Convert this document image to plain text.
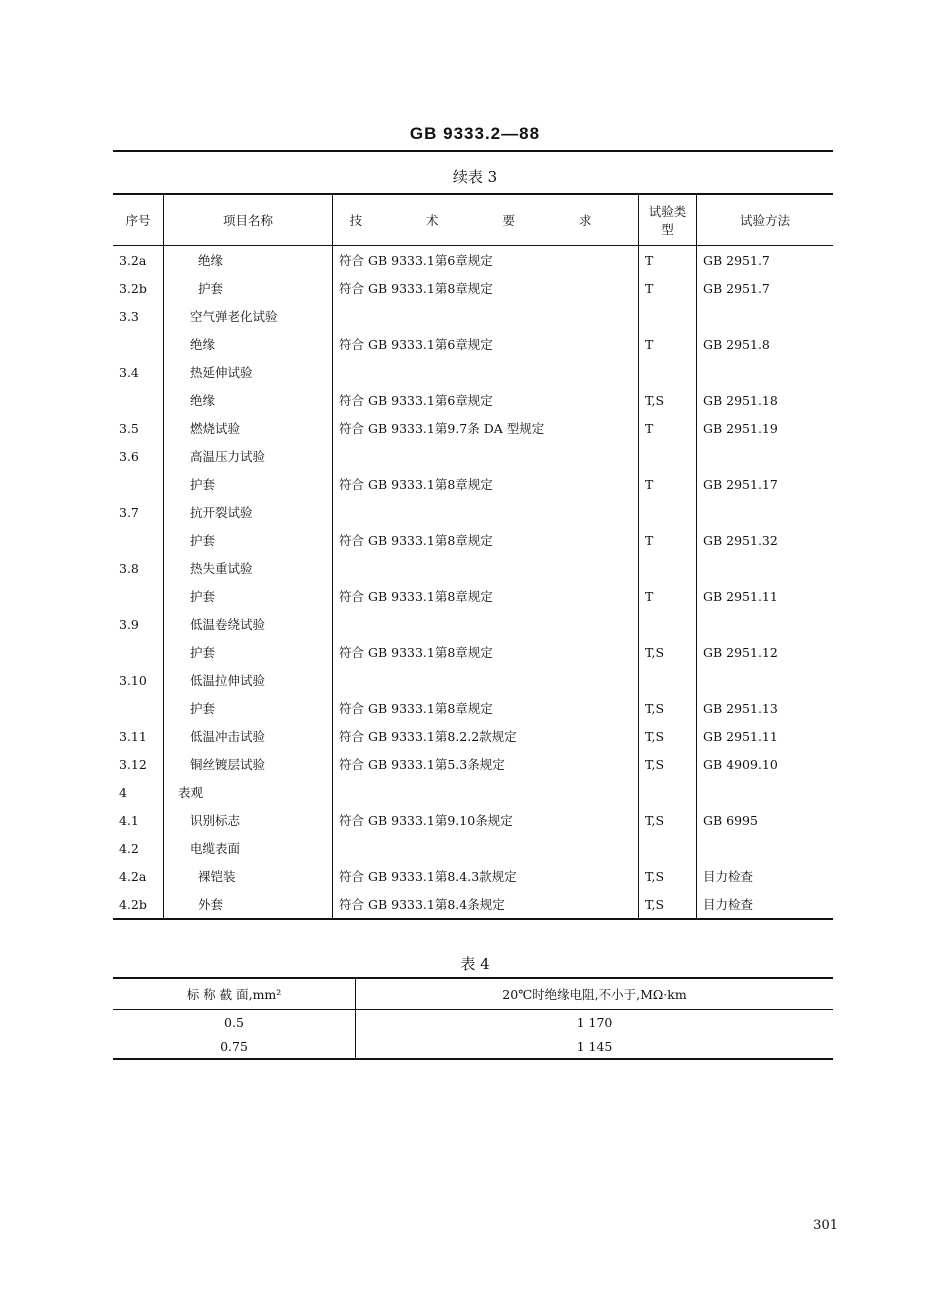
GB 9333.2—88
续表 3
序号	项目名称	技 术 要 求	试验类型	试验方法
3.2a	绝缘	符合 GB 9333.1第6章规定	T	GB 2951.7
3.2b	护套	符合 GB 9333.1第8章规定	T	GB 2951.7
3.3	空气弹老化试验			
	绝缘	符合 GB 9333.1第6章规定	T	GB 2951.8
3.4	热延伸试验			
	绝缘	符合 GB 9333.1第6章规定	T,S	GB 2951.18
3.5	燃烧试验	符合 GB 9333.1第9.7条 DA 型规定	T	GB 2951.19
3.6	高温压力试验			
	护套	符合 GB 9333.1第8章规定	T	GB 2951.17
3.7	抗开裂试验			
	护套	符合 GB 9333.1第8章规定	T	GB 2951.32
3.8	热失重试验			
	护套	符合 GB 9333.1第8章规定	T	GB 2951.11
3.9	低温卷绕试验			
	护套	符合 GB 9333.1第8章规定	T,S	GB 2951.12
3.10	低温拉伸试验			
	护套	符合 GB 9333.1第8章规定	T,S	GB 2951.13
3.11	低温冲击试验	符合 GB 9333.1第8.2.2款规定	T,S	GB 2951.11
3.12	铜丝镀层试验	符合 GB 9333.1第5.3条规定	T,S	GB 4909.10
4	表观			
4.1	识别标志	符合 GB 9333.1第9.10条规定	T,S	GB 6995
4.2	电缆表面			
4.2a	裸铠装	符合 GB 9333.1第8.4.3款规定	T,S	目力检查
4.2b	外套	符合 GB 9333.1第8.4条规定	T,S	目力检查
表 4
标 称 截 面,mm²	20℃时绝缘电阻,不小于,MΩ·km
0.5	1 170
0.75	1 145
301
